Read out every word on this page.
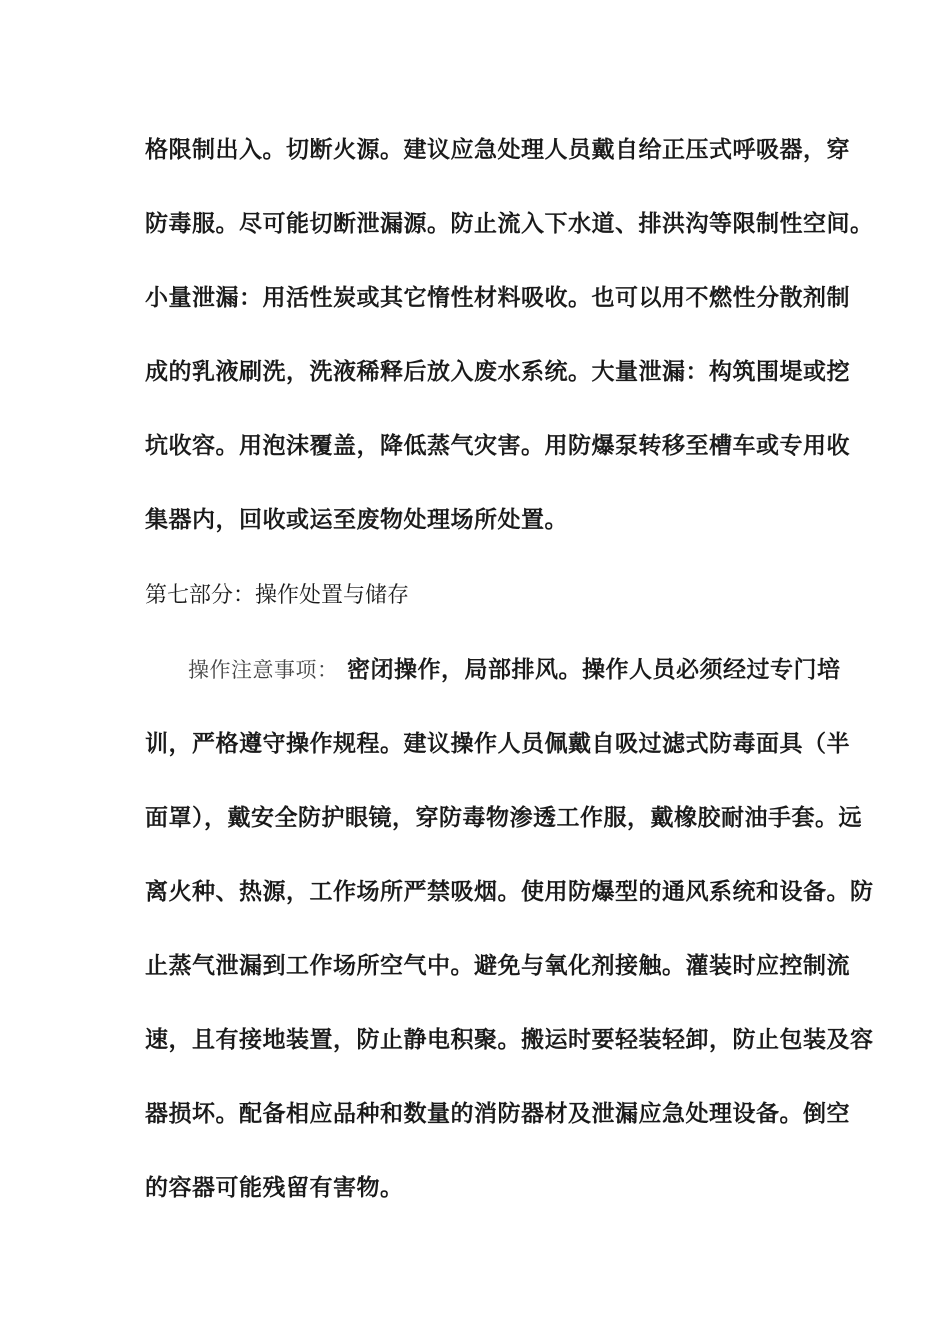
格限制出入。切断火源。建议应急处理人员戴自给正压式呼吸器，穿
防毒服。尽可能切断泄漏源。防止流入下水道、排洪沟等限制性空间。
小量泄漏：用活性炭或其它惰性材料吸收。也可以用不燃性分散剂制
成的乳液刷洗，洗液稀释后放入废水系统。大量泄漏：构筑围堤或挖
坑收容。用泡沫覆盖，降低蒸气灾害。用防爆泵转移至槽车或专用收
集器内，回收或运至废物处理场所处置。
第七部分：操作处置与储存
操作注意事项： 密闭操作，局部排风。操作人员必须经过专门培
训，严格遵守操作规程。建议操作人员佩戴自吸过滤式防毒面具（半
面罩），戴安全防护眼镜，穿防毒物渗透工作服，戴橡胶耐油手套。远
离火种、热源，工作场所严禁吸烟。使用防爆型的通风系统和设备。防
止蒸气泄漏到工作场所空气中。避免与氧化剂接触。灌装时应控制流
速，且有接地装置，防止静电积聚。搬运时要轻装轻卸，防止包装及容
器损坏。配备相应品种和数量的消防器材及泄漏应急处理设备。倒空
的容器可能残留有害物。
